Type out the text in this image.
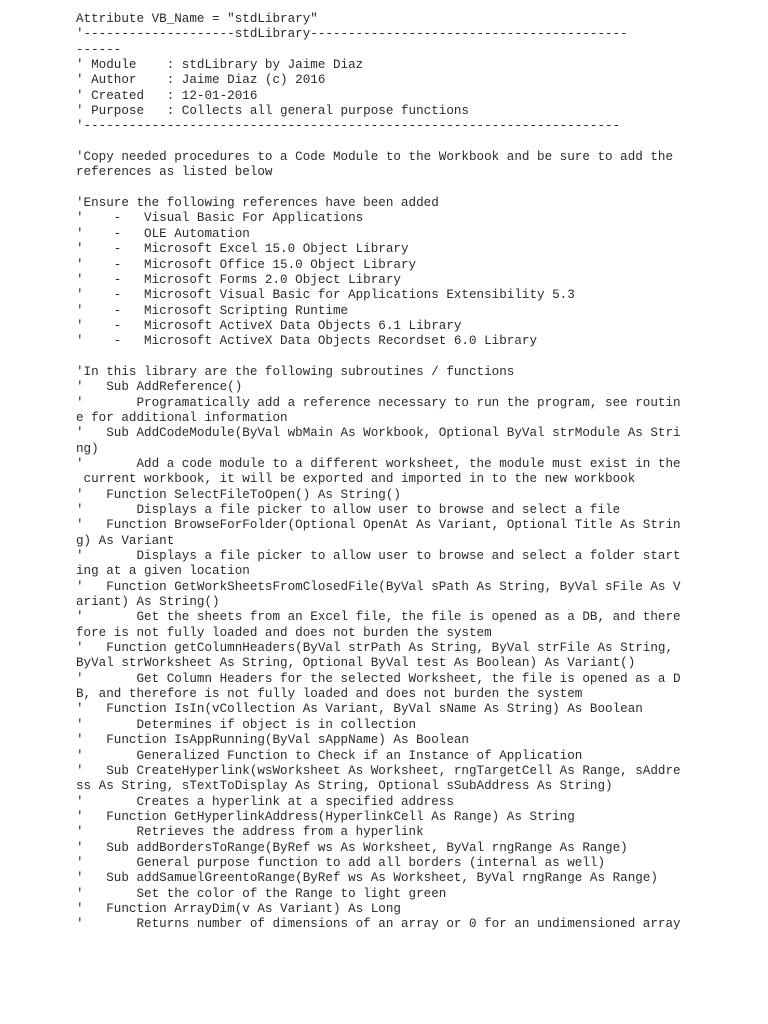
Attribute VB_Name = "stdLibrary"
'--------------------stdLibrary------------------------------------------
------
' Module    : stdLibrary by Jaime Diaz
' Author    : Jaime Diaz (c) 2016
' Created   : 12-01-2016
' Purpose   : Collects all general purpose functions
'-----------------------------------------------------------------------
'Copy needed procedures to a Code Module to the Workbook and be sure to add the
references as listed below
'Ensure the following references have been added
'    -   Visual Basic For Applications
'    -   OLE Automation
'    -   Microsoft Excel 15.0 Object Library
'    -   Microsoft Office 15.0 Object Library
'    -   Microsoft Forms 2.0 Object Library
'    -   Microsoft Visual Basic for Applications Extensibility 5.3
'    -   Microsoft Scripting Runtime
'    -   Microsoft ActiveX Data Objects 6.1 Library
'    -   Microsoft ActiveX Data Objects Recordset 6.0 Library
'In this library are the following subroutines / functions
'   Sub AddReference()
'       Programatically add a reference necessary to run the program, see routin
e for additional information
'   Sub AddCodeModule(ByVal wbMain As Workbook, Optional ByVal strModule As Stri
ng)
'       Add a code module to a different worksheet, the module must exist in the
current workbook, it will be exported and imported in to the new workbook
'   Function SelectFileToOpen() As String()
'       Displays a file picker to allow user to browse and select a file
'   Function BrowseForFolder(Optional OpenAt As Variant, Optional Title As Strin
g) As Variant
'       Displays a file picker to allow user to browse and select a folder start
ing at a given location
'   Function GetWorkSheetsFromClosedFile(ByVal sPath As String, ByVal sFile As V
ariant) As String()
'       Get the sheets from an Excel file, the file is opened as a DB, and there
fore is not fully loaded and does not burden the system
'   Function getColumnHeaders(ByVal strPath As String, ByVal strFile As String,
ByVal strWorksheet As String, Optional ByVal test As Boolean) As Variant()
'       Get Column Headers for the selected Worksheet, the file is opened as a D
B, and therefore is not fully loaded and does not burden the system
'   Function IsIn(vCollection As Variant, ByVal sName As String) As Boolean
'       Determines if object is in collection
'   Function IsAppRunning(ByVal sAppName) As Boolean
'       Generalized Function to Check if an Instance of Application
'   Sub CreateHyperlink(wsWorksheet As Worksheet, rngTargetCell As Range, sAddre
ss As String, sTextToDisplay As String, Optional sSubAddress As String)
'       Creates a hyperlink at a specified address
'   Function GetHyperlinkAddress(HyperlinkCell As Range) As String
'       Retrieves the address from a hyperlink
'   Sub addBordersToRange(ByRef ws As Worksheet, ByVal rngRange As Range)
'       General purpose function to add all borders (internal as well)
'   Sub addSamuelGreentoRange(ByRef ws As Worksheet, ByVal rngRange As Range)
'       Set the color of the Range to light green
'   Function ArrayDim(v As Variant) As Long
'       Returns number of dimensions of an array or 0 for an undimensioned array
